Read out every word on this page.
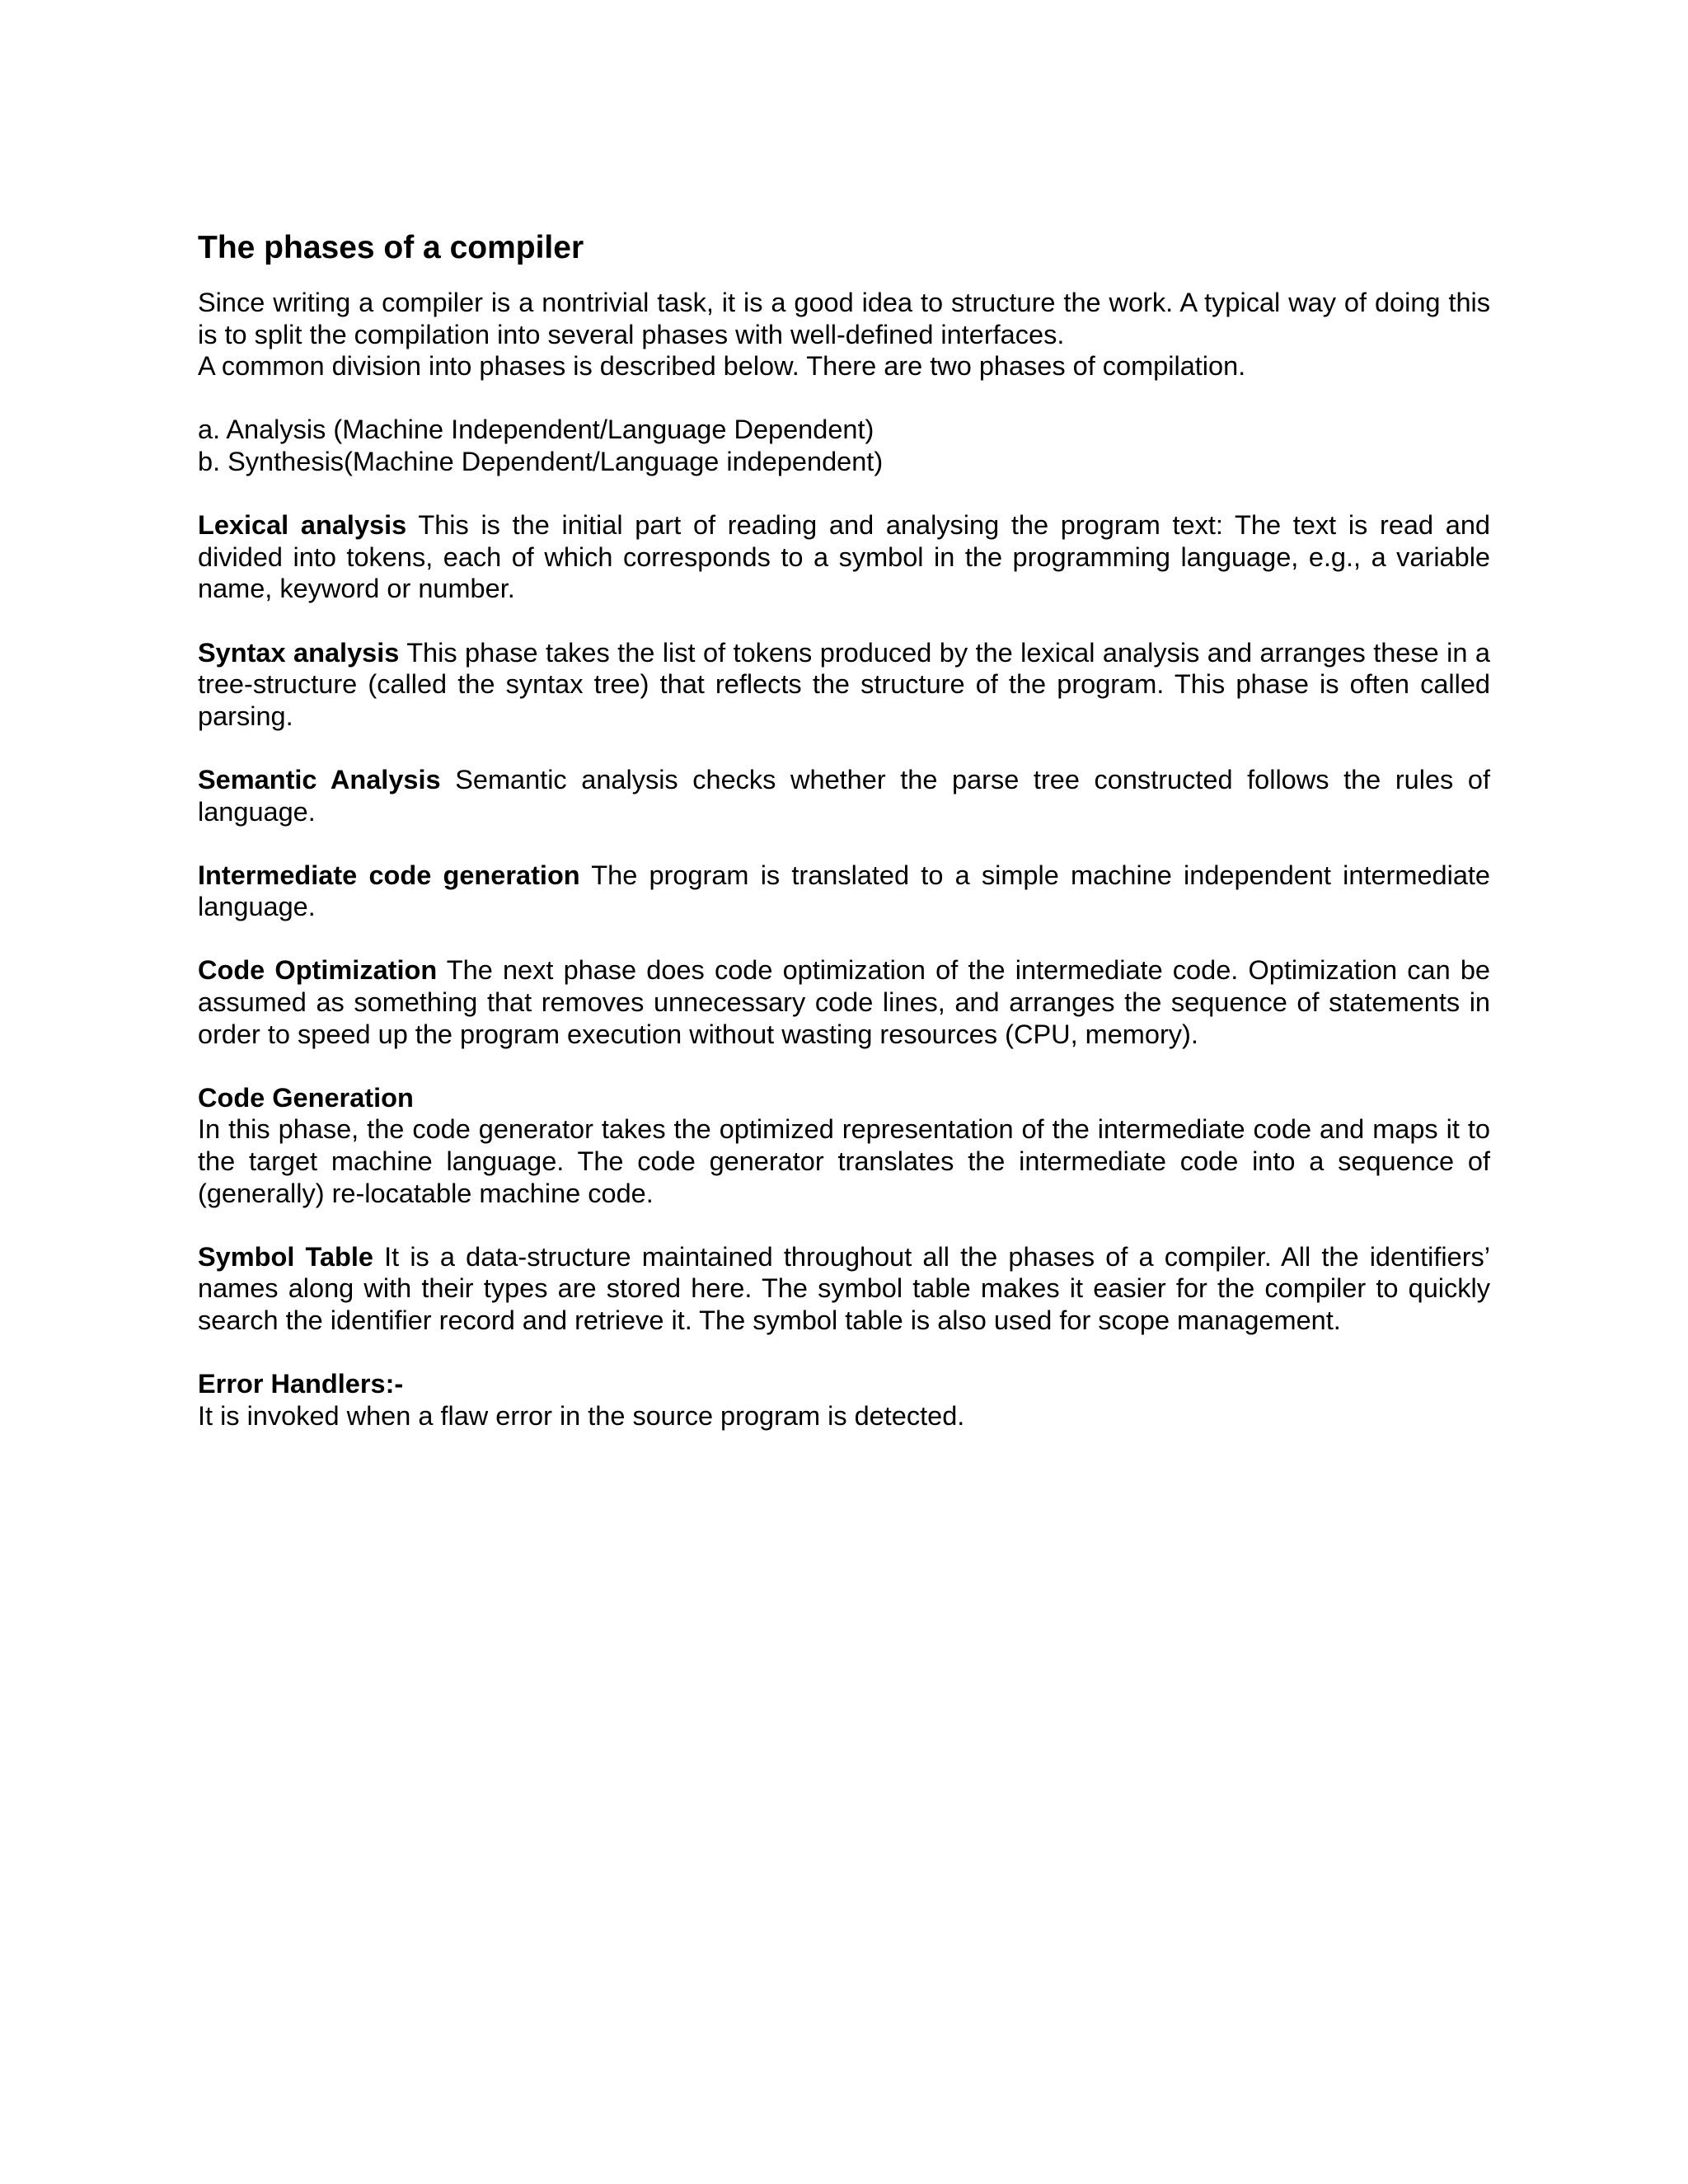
The phases of a compiler

Since writing a compiler is a nontrivial task, it is a good idea to structure the work. A typical way of doing this is to split the compilation into several phases with well-defined interfaces.
A common division into phases is described below. There are two phases of compilation.

a. Analysis (Machine Independent/Language Dependent)
b. Synthesis(Machine Dependent/Language independent)

Lexical analysis This is the initial part of reading and analysing the program text: The text is read and divided into tokens, each of which corresponds to a symbol in the programming language, e.g., a variable name, keyword or number.

Syntax analysis This phase takes the list of tokens produced by the lexical analysis and arranges these in a tree-structure (called the syntax tree) that reflects the structure of the program. This phase is often called parsing.

Semantic Analysis Semantic analysis checks whether the parse tree constructed follows the rules of language.

Intermediate code generation The program is translated to a simple machine independent intermediate language.

Code Optimization The next phase does code optimization of the intermediate code. Optimization can be assumed as something that removes unnecessary code lines, and arranges the sequence of statements in order to speed up the program execution without wasting resources (CPU, memory).

Code Generation
In this phase, the code generator takes the optimized representation of the intermediate code and maps it to the target machine language. The code generator translates the intermediate code into a sequence of (generally) re-locatable machine code.

Symbol Table It is a data-structure maintained throughout all the phases of a compiler. All the identifiers’ names along with their types are stored here. The symbol table makes it easier for the compiler to quickly search the identifier record and retrieve it. The symbol table is also used for scope management.

Error Handlers:-
It is invoked when a flaw error in the source program is detected.
